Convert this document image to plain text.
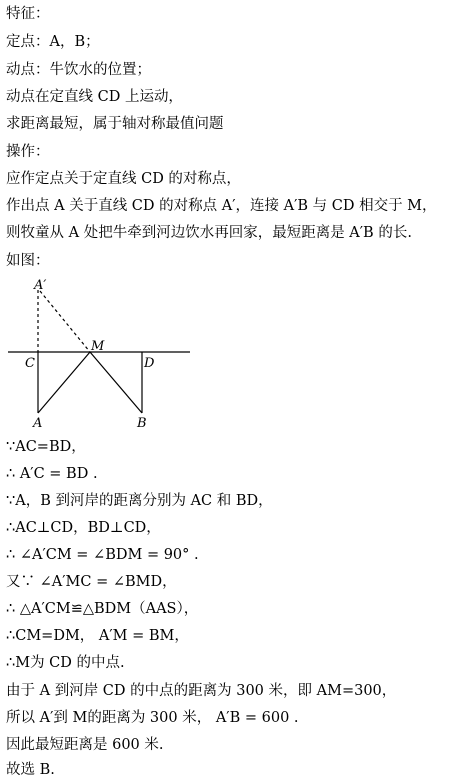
特征：
定点：A，B；
动点：牛饮水的位置；
动点在定直线 CD 上运动，
求距离最短，属于轴对称最值问题
操作：
应作定点关于定直线 CD 的对称点，
作出点 A 关于直线 CD 的对称点 A′，连接 A′B 与 CD 相交于 M，
则牧童从 A 处把牛牵到河边饮水再回家，最短距离是 A′B 的长.
如图：
A′
C
M
D
A	B
∵AC=BD，
∴ A′C = BD .
∵A，B 到河岸的距离分别为 AC 和 BD，
∴AC⊥CD，BD⊥CD，
∴ ∠A′CM = ∠BDM = 90° .
又∵ ∠A′MC = ∠BMD，
∴ △A′CM≌△BDM（AAS），
∴CM=DM， A′M = BM，
∴M为 CD 的中点.
由于 A 到河岸 CD 的中点的距离为 300 米，即 AM=300，
所以 A′到 M的距离为 300 米， A′B = 600 .
因此最短距离是 600 米.
故选 B.
